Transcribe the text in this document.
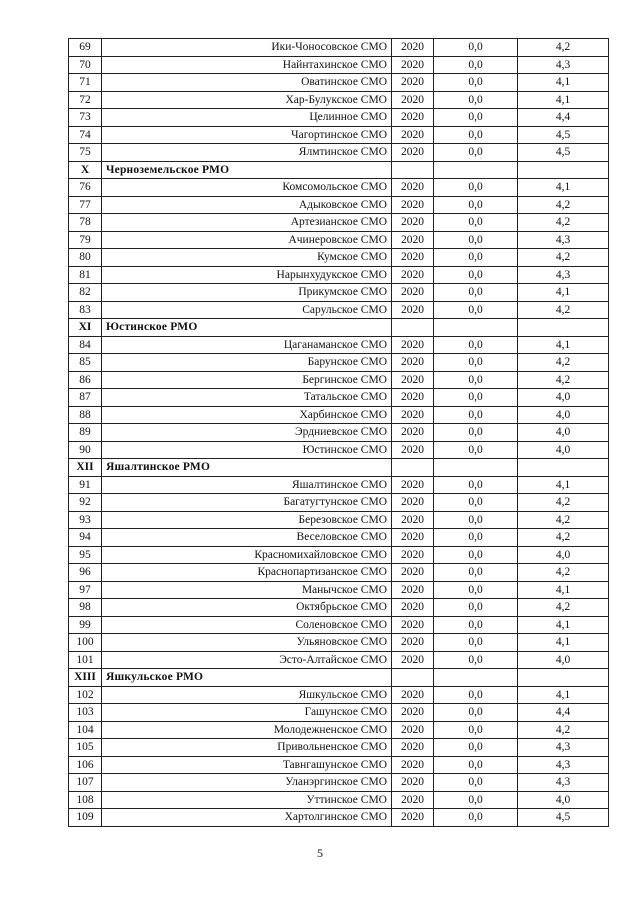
69	Ики-Чоносовское СМО	2020	0,0	4,2
70	Найнтахинское СМО	2020	0,0	4,3
71	Оватинское СМО	2020	0,0	4,1
72	Хар-Булукское СМО	2020	0,0	4,1
73	Целинное СМО	2020	0,0	4,4
74	Чагортинское СМО	2020	0,0	4,5
75	Ялмтинское СМО	2020	0,0	4,5
X	Черноземельское РМО			
76	Комсомольское СМО	2020	0,0	4,1
77	Адыковское СМО	2020	0,0	4,2
78	Артезианское СМО	2020	0,0	4,2
79	Ачинеровское СМО	2020	0,0	4,3
80	Кумское СМО	2020	0,0	4,2
81	Нарынхудукское СМО	2020	0,0	4,3
82	Прикумское СМО	2020	0,0	4,1
83	Сарульское СМО	2020	0,0	4,2
XI	Юстинское РМО			
84	Цаганаманское СМО	2020	0,0	4,1
85	Барунское СМО	2020	0,0	4,2
86	Бергинское СМО	2020	0,0	4,2
87	Татальское СМО	2020	0,0	4,0
88	Харбинское СМО	2020	0,0	4,0
89	Эрдниевское СМО	2020	0,0	4,0
90	Юстинское СМО	2020	0,0	4,0
XII	Яшалтинское РМО			
91	Яшалтинское СМО	2020	0,0	4,1
92	Багатугтунское СМО	2020	0,0	4,2
93	Березовское СМО	2020	0,0	4,2
94	Веселовское СМО	2020	0,0	4,2
95	Красномихайловское СМО	2020	0,0	4,0
96	Краснопартизанское СМО	2020	0,0	4,2
97	Манычское СМО	2020	0,0	4,1
98	Октябрьское СМО	2020	0,0	4,2
99	Соленовское СМО	2020	0,0	4,1
100	Ульяновское СМО	2020	0,0	4,1
101	Эсто-Алтайское СМО	2020	0,0	4,0
XIII	Яшкульское РМО			
102	Яшкульское СМО	2020	0,0	4,1
103	Гашунское СМО	2020	0,0	4,4
104	Молодежненское СМО	2020	0,0	4,2
105	Привольненское СМО	2020	0,0	4,3
106	Тавнгашунское СМО	2020	0,0	4,3
107	Уланэргинское СМО	2020	0,0	4,3
108	Уттинское СМО	2020	0,0	4,0
109	Хартолгинское СМО	2020	0,0	4,5
5
